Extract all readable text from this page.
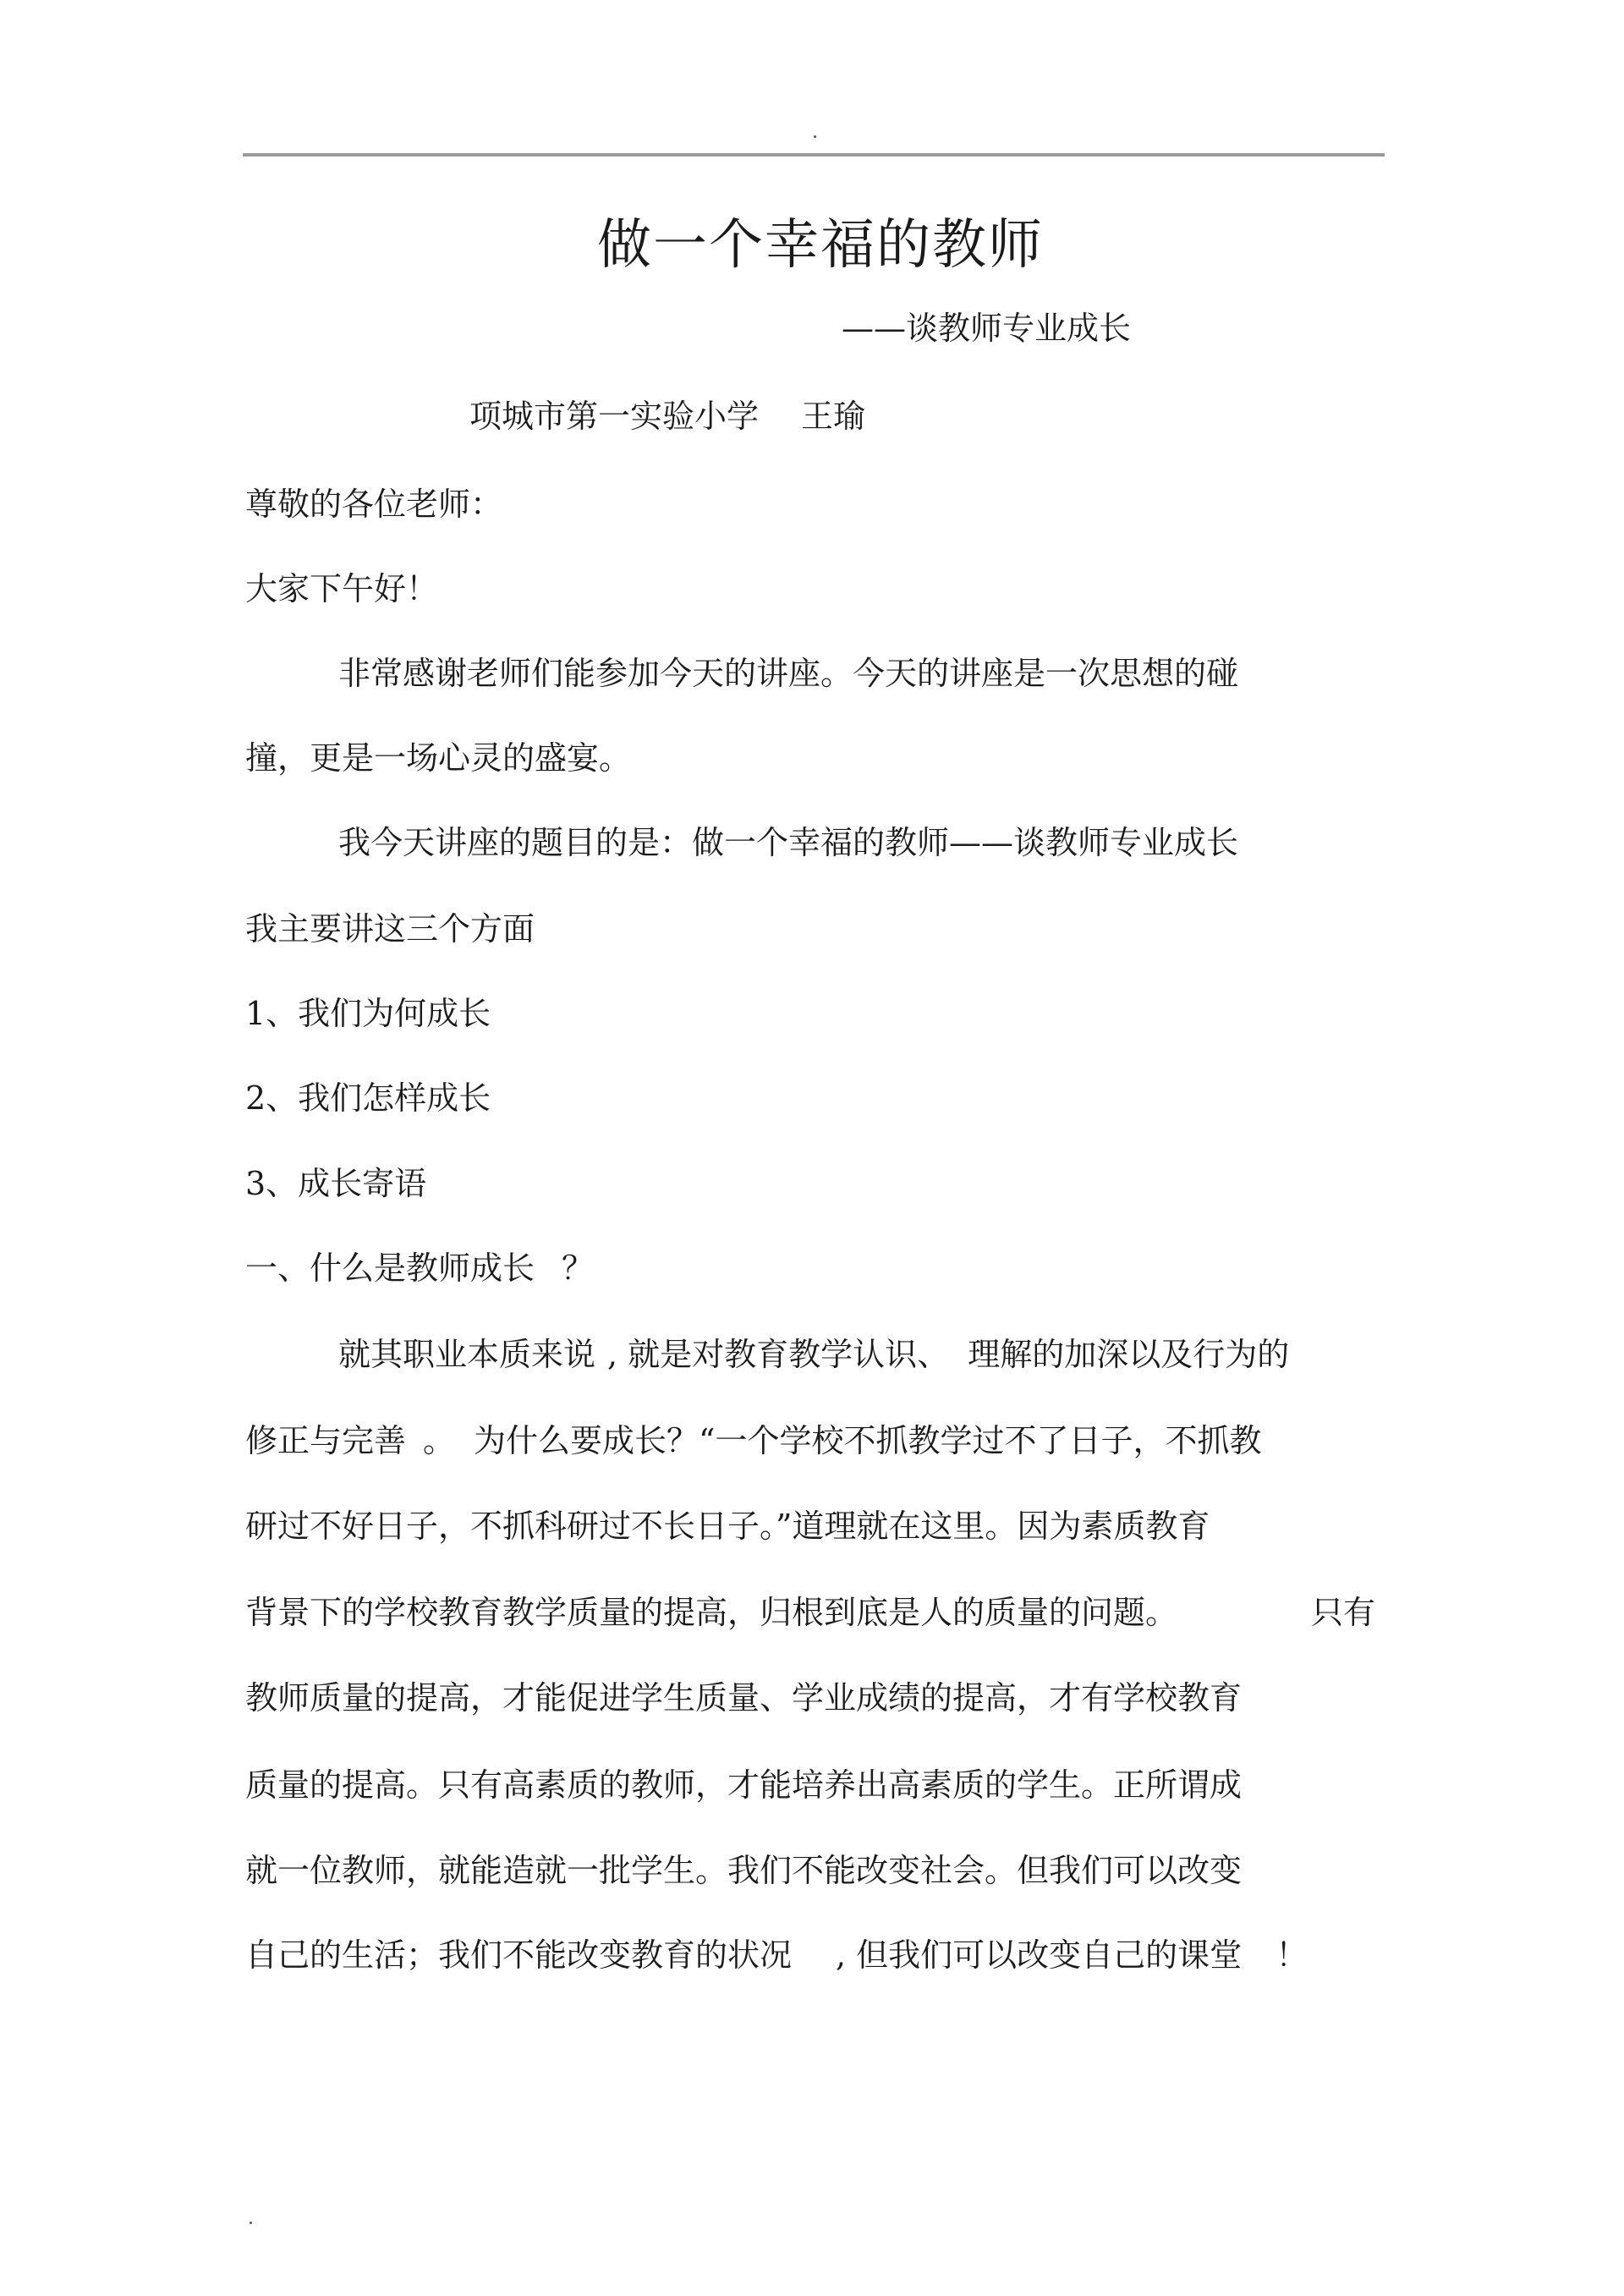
做一个幸福的教师
——谈教师专业成长
项城市第一实验小学 王瑜
尊敬的各位老师：
大家下午好！
非常感谢老师们能参加今天的讲座。今天的讲座是一次思想的碰
撞，更是一场心灵的盛宴。
我今天讲座的题目的是：做一个幸福的教师——谈教师专业成长
我主要讲这三个方面
1、我们为何成长
2、我们怎样成长
3、成长寄语
一、什么是教师成长 ？
就其职业本质来说 , 就是对教育教学认识、 理解的加深以及行为的
修正与完善 。 为什么要成长？“一个学校不抓教学过不了日子，不抓教
研过不好日子，不抓科研过不长日子。”道理就在这里。因为素质教育
背景下的学校教育教学质量的提高，归根到底是人的质量的问题。	只有
教师质量的提高，才能促进学生质量、学业成绩的提高，才有学校教育
质量的提高。只有高素质的教师，才能培养出高素质的学生。正所谓成
就一位教师，就能造就一批学生。我们不能改变社会。但我们可以改变
自己的生活；我们不能改变教育的状况 , 但我们可以改变自己的课堂 ！
